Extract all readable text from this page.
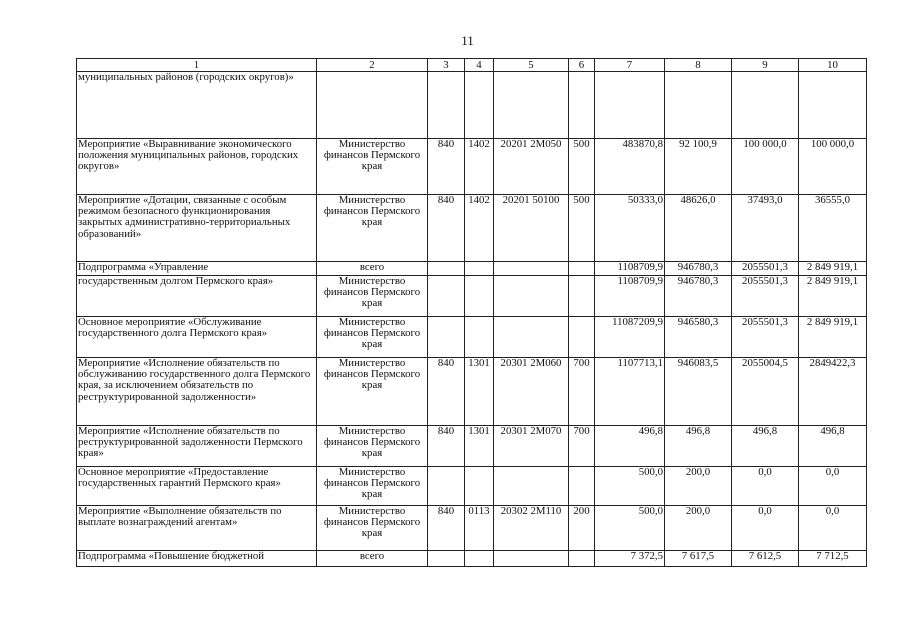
11
1	2	3	4	5	6	7	8	9	10
муниципальных районов (городских округов)»									
Мероприятие «Выравнивание экономического положения муниципальных районов, городских округов»	Министерство финансов Пермского края	840	1402	20201 2М050	500	483870,8	92 100,9	100 000,0	100 000,0
Мероприятие «Дотации, связанные с особым режимом безопасного функционирования закрытых административно-территориальных образований»	Министерство финансов Пермского края	840	1402	20201 50100	500	50333,0	48626,0	37493,0	36555,0
Подпрограмма «Управление	всего					1108709,9	946780,3	2055501,3	2 849 919,1
государственным долгом Пермского края»	Министерство финансов Пермского края					1108709,9	946780,3	2055501,3	2 849 919,1
Основное мероприятие «Обслуживание государственного долга Пермского края»	Министерство финансов Пермского края					11087209,9	946580,3	2055501,3	2 849 919,1
Мероприятие «Исполнение обязательств по обслуживанию государственного долга Пермского края, за исключением обязательств по реструктурированной задолженности»	Министерство финансов Пермского края	840	1301	20301 2М060	700	1107713,1	946083,5	2055004,5	2849422,3
Мероприятие «Исполнение обязательств по реструктурированной задолженности Пермского края»	Министерство финансов Пермского края	840	1301	20301 2М070	700	496,8	496,8	496,8	496,8
Основное мероприятие «Предоставление государственных гарантий Пермского края»	Министерство финансов Пермского края					500,0	200,0	0,0	0,0
Мероприятие «Выполнение обязательств по выплате вознаграждений агентам»	Министерство финансов Пермского края	840	0113	20302 2М110	200	500,0	200,0	0,0	0,0
Подпрограмма «Повышение бюджетной	всего					7 372,5	7 617,5	7 612,5	7 712,5
